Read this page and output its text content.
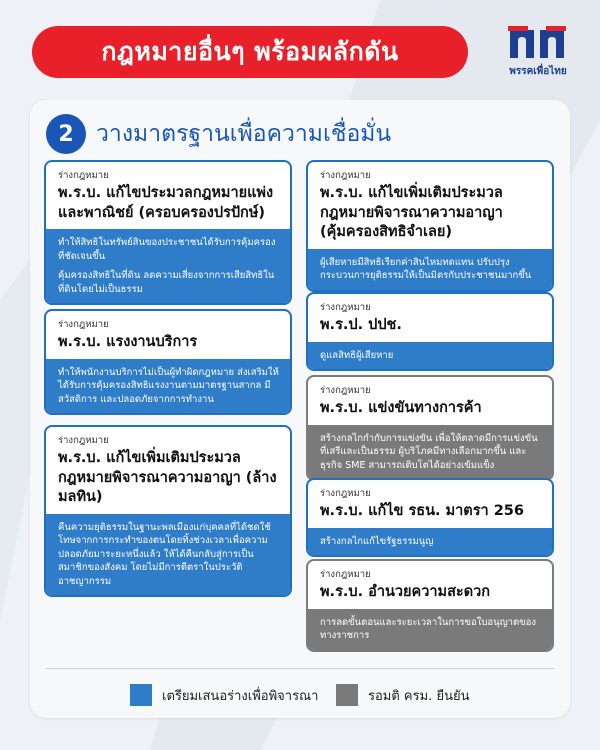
กฎหมายอื่นๆ พร้อมผลักดัน
พรรคเพื่อไทย
2 วางมาตรฐานเพื่อความเชื่อมั่น
ร่างกฎหมาย
พ.ร.บ. แก้ไขประมวลกฎหมายแพ่งและพาณิชย์ (ครอบครองปรปักษ์)

ทำให้สิทธิในทรัพย์สินของประชาชนได้รับการคุ้มครองที่ชัดเจนขึ้น

คุ้มครองสิทธิในที่ดิน ลดความเสี่ยงจากการเสียสิทธิในที่ดินโดยไม่เป็นธรรม

ร่างกฎหมาย
พ.ร.บ. แรงงานบริการ

ทำให้พนักงานบริการไม่เป็นผู้ทำผิดกฎหมาย ส่งเสริมให้ได้รับการคุ้มครองสิทธิแรงงานตามมาตรฐานสากล มีสวัสดิการ และปลอดภัยจากการทำงาน

ร่างกฎหมาย
พ.ร.บ. แก้ไขเพิ่มเติมประมวลกฎหมายพิจารณาความอาญา (ล้างมลทิน)

คืนความยุติธรรมในฐานะพลเมืองแก่บุคคลที่ได้ชดใช้โทษจากการกระทำของตนโดยทิ้งช่วงเวลาเพื่อความปลอดภัยมาระยะหนึ่งแล้ว ให้ได้คืนกลับสู่การเป็นสมาชิกของสังคม โดยไม่มีการตีตราในประวัติอาชญากรรม

ร่างกฎหมาย
พ.ร.บ. แก้ไขเพิ่มเติมประมวลกฎหมายพิจารณาความอาญา (คุ้มครองสิทธิจำเลย)

ผู้เสียหายมีสิทธิเรียกค่าสินไหมทดแทน ปรับปรุงกระบวนการยุติธรรมให้เป็นมิตรกับประชาชนมากขึ้น

ร่างกฎหมาย
พ.ร.ป. ปปช.

ดูแลสิทธิผู้เสียหาย

ร่างกฎหมาย
พ.ร.บ. แข่งขันทางการค้า

สร้างกลไกกำกับการแข่งขัน เพื่อให้ตลาดมีการแข่งขันที่เสรีและเป็นธรรม ผู้บริโภคมีทางเลือกมากขึ้น และธุรกิจ SME สามารถเติบโตได้อย่างเข้มแข็ง

ร่างกฎหมาย
พ.ร.บ. แก้ไข รธน. มาตรา 256

สร้างกลไกแก้ไขรัฐธรรมนูญ

ร่างกฎหมาย
พ.ร.บ. อำนวยความสะดวก

การลดขั้นตอนและระยะเวลาในการขอใบอนุญาตของทางราชการ

เตรียมเสนอร่างเพื่อพิจารณา	รอมติ ครม. ยืนยัน
